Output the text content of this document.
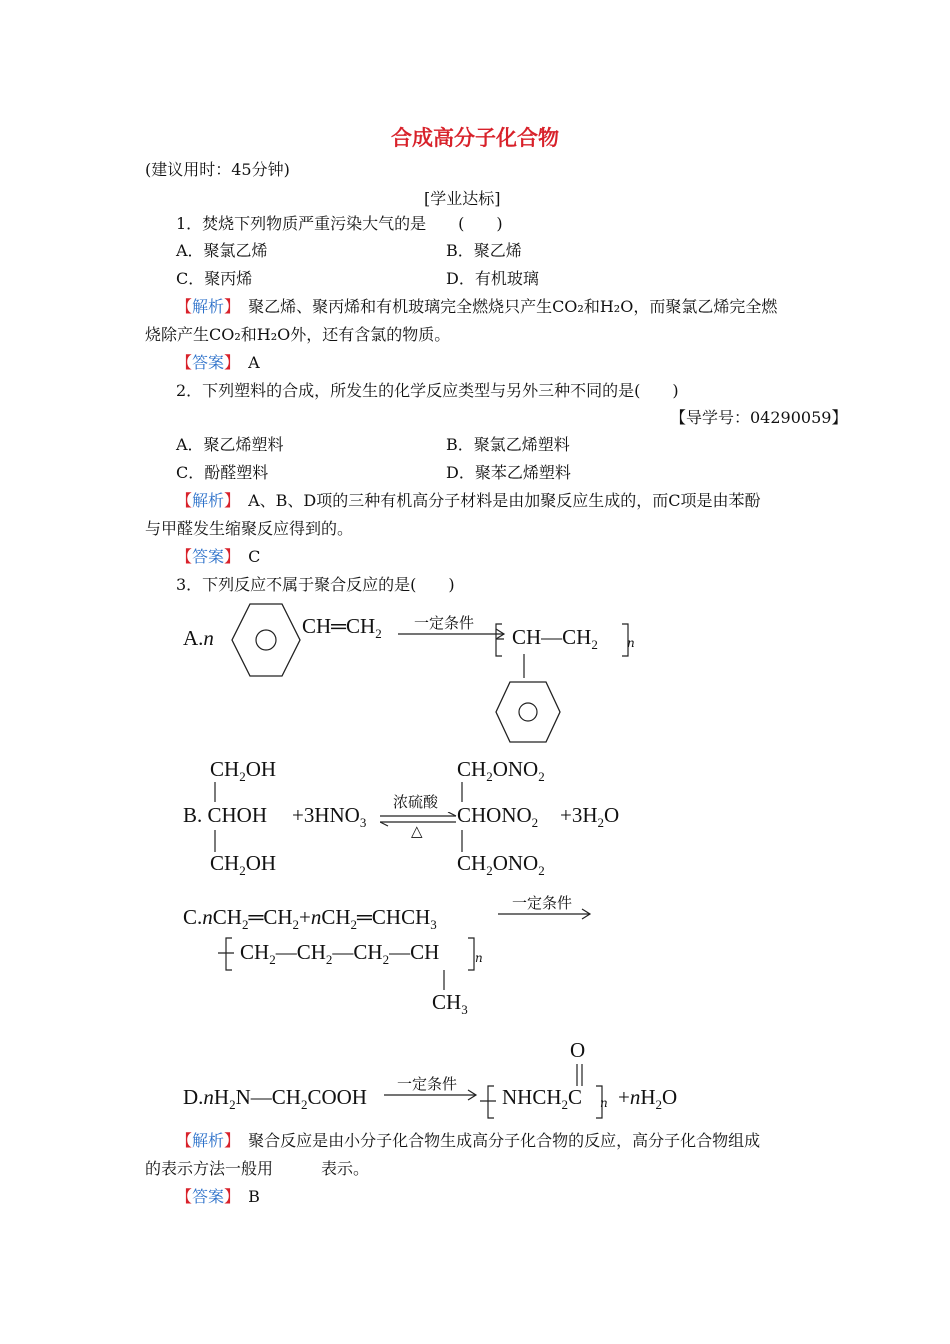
合成高分子化合物
(建议用时：45分钟)
[学业达标]
1．焚烧下列物质严重污染大气的是　　(　　)
A．聚氯乙烯	B．聚乙烯
C．聚丙烯	D．有机玻璃
【解析】　 聚乙烯、聚丙烯和有机玻璃完全燃烧只产生CO₂和H₂O，而聚氯乙烯完全燃
烧除产生CO₂和H₂O外，还有含氯的物质。
【答案】　 A
2．下列塑料的合成，所发生的化学反应类型与另外三种不同的是(　　)
【导学号：04290059】
A．聚乙烯塑料	B．聚氯乙烯塑料
C．酚醛塑料	D．聚苯乙烯塑料
【解析】　 A、B、D项的三种有机高分子材料是由加聚反应生成的，而C项是由苯酚
与甲醛发生缩聚反应得到的。
【答案】　 C
3．下列反应不属于聚合反应的是(　　)
A.n	$CH═CH_2$
一定条件
$CH—CH_2$ n
$CH_2OH$
B. CHOH
$CH_2OH$
$+3HNO_3$
浓硫酸
△
$CH_2ONO_2$
$CHONO_2$
$CH_2ONO_2$
$+3H_2O$
$C.nCH_2═CH_2+nCH_2═CHCH_3$
一定条件
$CH_2—CH_2—CH_2—CH$	n
$CH_3$
$D.nH_2N—CH_2COOH$
一定条件
O
$NHCH_2C$ $n +nH_2O$
【解析】　 聚合反应是由小分子化合物生成高分子化合物的反应，高分子化合物组成
的表示方法一般用　　　表示。
【答案】　 B
